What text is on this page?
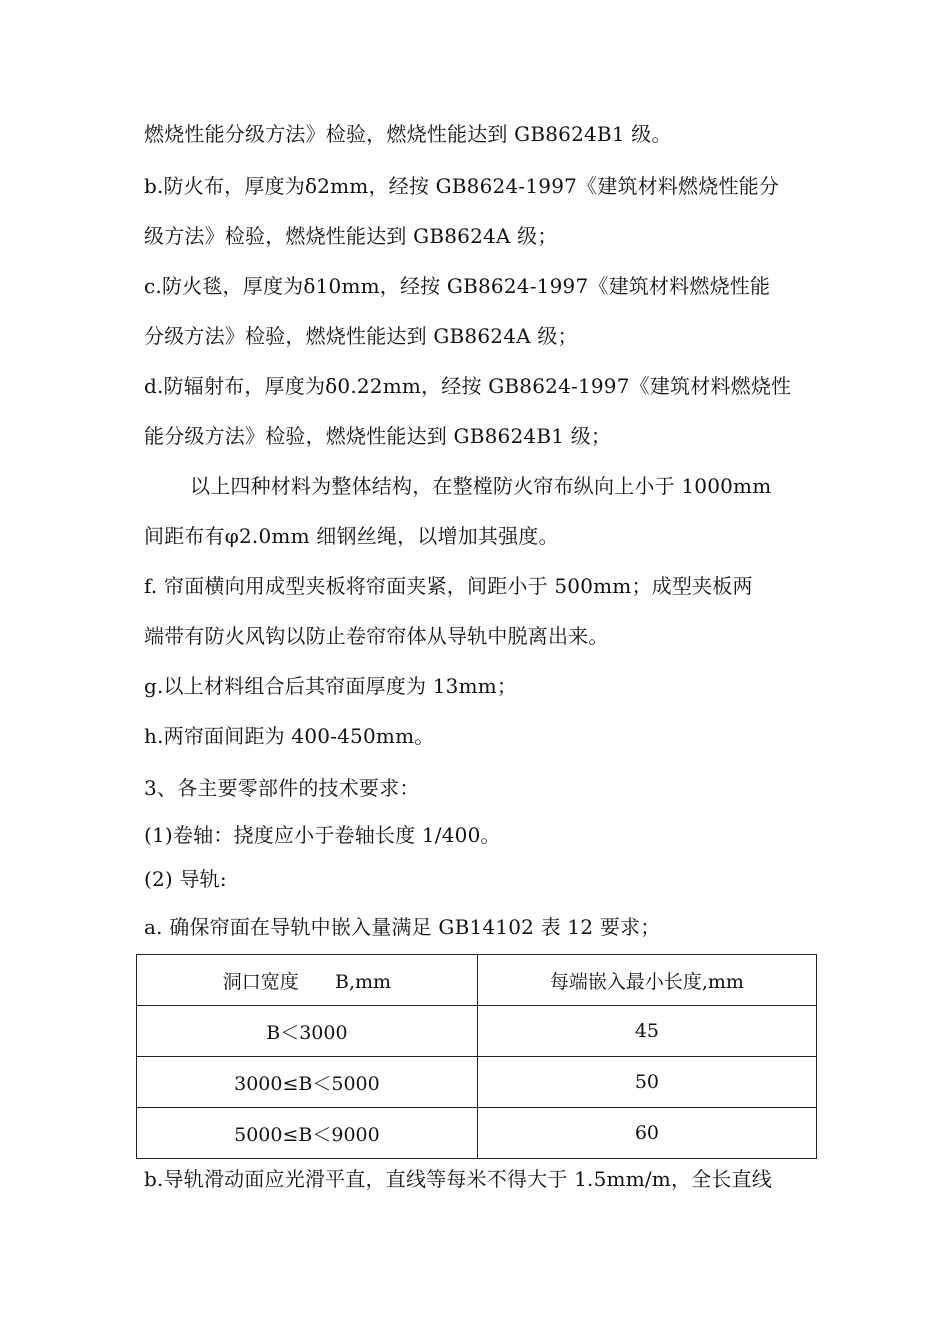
燃烧性能分级方法》检验，燃烧性能达到 GB8624B1 级。
b.防火布，厚度为δ2mm，经按 GB8624-1997《建筑材料燃烧性能分
级方法》检验，燃烧性能达到 GB8624A 级；
c.防火毯，厚度为δ10mm，经按 GB8624-1997《建筑材料燃烧性能
分级方法》检验，燃烧性能达到 GB8624A 级；
d.防辐射布，厚度为δ0.22mm，经按 GB8624-1997《建筑材料燃烧性
能分级方法》检验，燃烧性能达到 GB8624B1 级；
以上四种材料为整体结构，在整樘防火帘布纵向上小于 1000mm
间距布有φ2.0mm 细钢丝绳，以增加其强度。
f. 帘面横向用成型夹板将帘面夹紧，间距小于 500mm；成型夹板两
端带有防火风钩以防止卷帘帘体从导轨中脱离出来。
g.以上材料组合后其帘面厚度为 13mm；
h.两帘面间距为 400-450mm。
3、各主要零部件的技术要求：
(1)卷轴：挠度应小于卷轴长度 1/400。
(2) 导轨:
a. 确保帘面在导轨中嵌入量满足 GB14102 表 12 要求；
洞口宽度      B,mm	每端嵌入最小长度,mm
B＜3000	45
3000≤B＜5000	50
5000≤B＜9000	60
b.导轨滑动面应光滑平直，直线等每米不得大于 1.5mm/m，全长直线
